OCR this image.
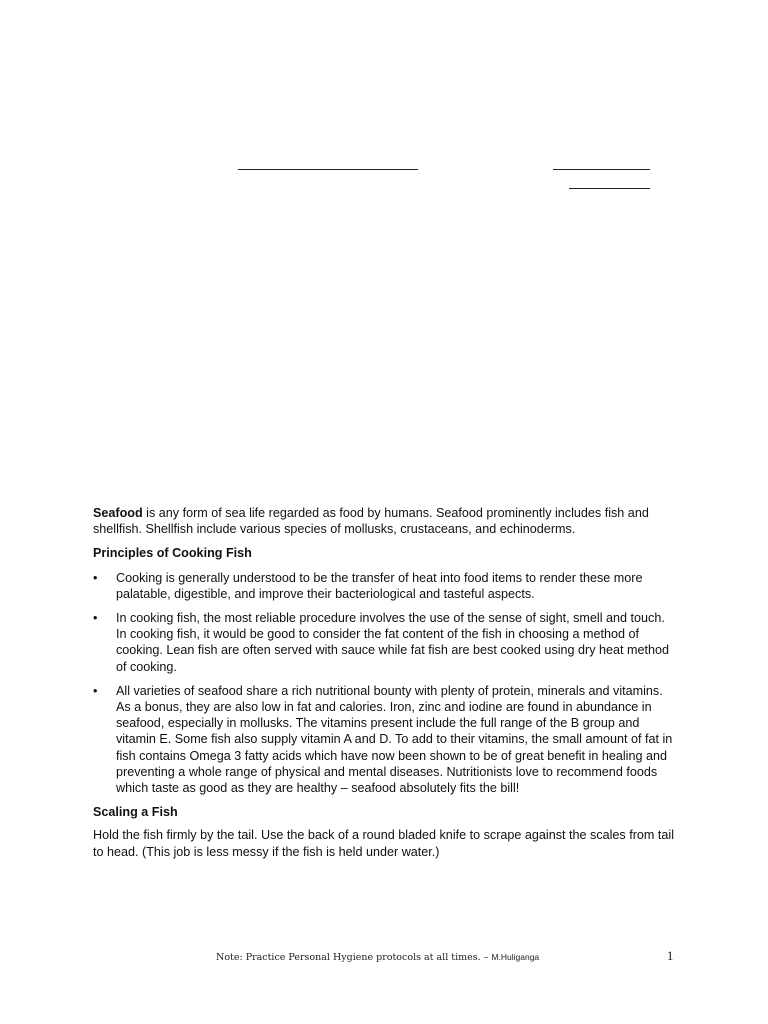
Seafood is any form of sea life regarded as food by humans. Seafood prominently includes fish and shellfish. Shellfish include various species of mollusks, crustaceans, and echinoderms.

Principles of Cooking Fish

• Cooking is generally understood to be the transfer of heat into food items to render these more palatable, digestible, and improve their bacteriological and tasteful aspects.
• In cooking fish, the most reliable procedure involves the use of the sense of sight, smell and touch. In cooking fish, it would be good to consider the fat content of the fish in choosing a method of cooking. Lean fish are often served with sauce while fat fish are best cooked using dry heat method of cooking.
• All varieties of seafood share a rich nutritional bounty with plenty of protein, minerals and vitamins. As a bonus, they are also low in fat and calories. Iron, zinc and iodine are found in abundance in seafood, especially in mollusks. The vitamins present include the full range of the B group and vitamin E. Some fish also supply vitamin A and D. To add to their vitamins, the small amount of fat in fish contains Omega 3 fatty acids which have now been shown to be of great benefit in healing and preventing a whole range of physical and mental diseases. Nutritionists love to recommend foods which taste as good as they are healthy – seafood absolutely fits the bill!

Scaling a Fish

Hold the fish firmly by the tail. Use the back of a round bladed knife to scrape against the scales from tail to head. (This job is less messy if the fish is held under water.)

Note: Practice Personal Hygiene protocols at all times. – M.Huliganga	1
